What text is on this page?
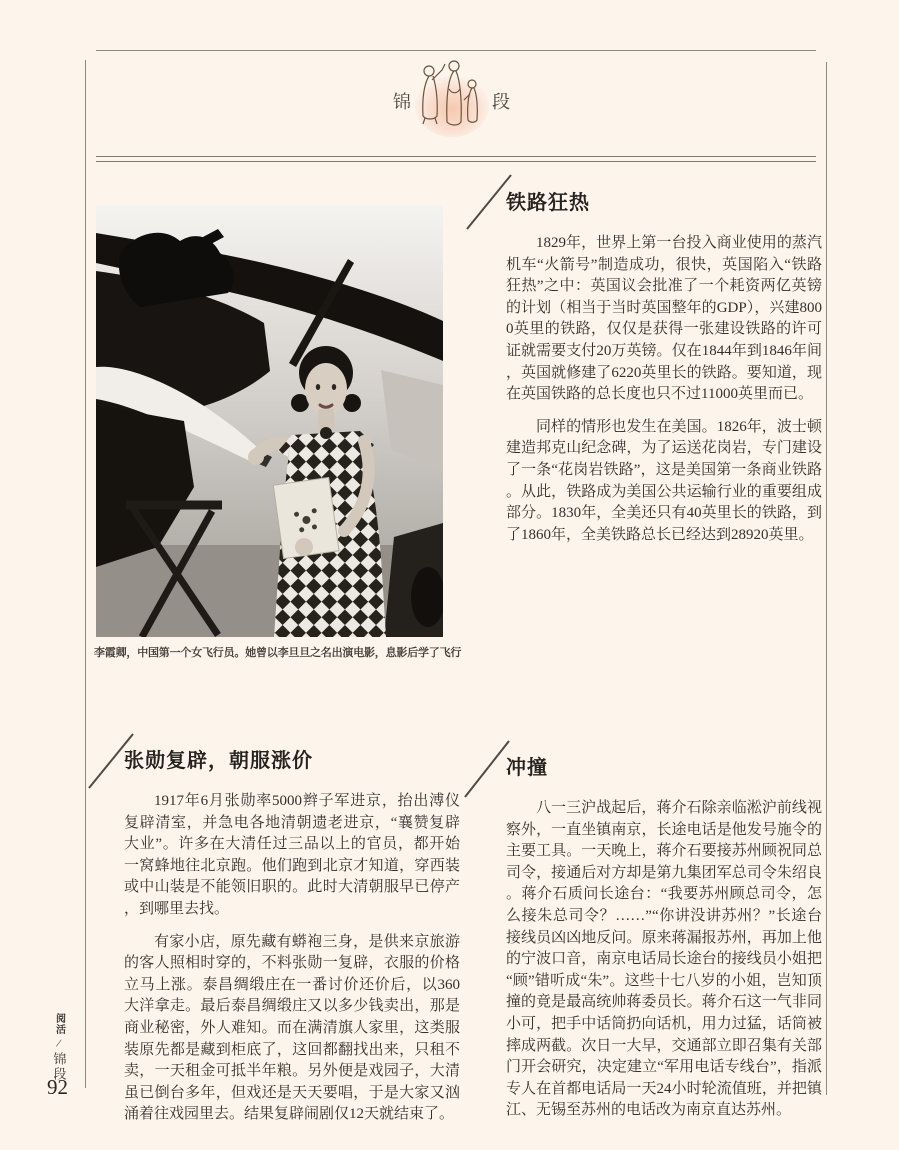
锦	段
李霞卿，中国第一个女飞行员。她曾以李旦旦之名出演电影，息影后学了飞行
铁路狂热

1829年，世界上第一台投入商业使用的蒸汽机车“火箭号”制造成功，很快，英国陷入“铁路狂热”之中：英国议会批准了一个耗资两亿英镑的计划（相当于当时英国整年的GDP），兴建8000英里的铁路，仅仅是获得一张建设铁路的许可证就需要支付20万英镑。仅在1844年到1846年间，英国就修建了6220英里长的铁路。要知道，现在英国铁路的总长度也只不过11000英里而已。

同样的情形也发生在美国。1826年，波士顿建造邦克山纪念碑，为了运送花岗岩，专门建设了一条“花岗岩铁路”，这是美国第一条商业铁路。从此，铁路成为美国公共运输行业的重要组成部分。1830年，全美还只有40英里长的铁路，到了1860年，全美铁路总长已经达到28920英里。

张勋复辟，朝服涨价

1917年6月张勋率5000辫子军进京，抬出溥仪复辟清室，并急电各地清朝遗老进京，“襄赞复辟大业”。许多在大清任过三品以上的官员，都开始一窝蜂地往北京跑。他们跑到北京才知道，穿西装或中山装是不能领旧职的。此时大清朝服早已停产，到哪里去找。

有家小店，原先藏有蟒袍三身，是供来京旅游的客人照相时穿的，不料张勋一复辟，衣服的价格立马上涨。泰昌绸缎庄在一番讨价还价后，以360大洋拿走。最后泰昌绸缎庄又以多少钱卖出，那是商业秘密，外人难知。而在满清旗人家里，这类服装原先都是藏到柜底了，这回都翻找出来，只租不卖，一天租金可抵半年粮。另外便是戏园子，大清虽已倒台多年，但戏还是天天要唱，于是大家又汹涌着往戏园里去。结果复辟闹剧仅12天就结束了。

冲撞

八一三沪战起后，蒋介石除亲临淞沪前线视察外，一直坐镇南京，长途电话是他发号施令的主要工具。一天晚上，蒋介石要接苏州顾祝同总司令，接通后对方却是第九集团军总司令朱绍良。蒋介石质问长途台：“我要苏州顾总司令，怎么接朱总司令？……”“你讲没讲苏州？”长途台接线员凶凶地反问。原来蒋漏报苏州，再加上他的宁波口音，南京电话局长途台的接线员小姐把“顾”错听成“朱”。这些十七八岁的小姐，岂知顶撞的竟是最高统帅蒋委员长。蒋介石这一气非同小可，把手中话筒扔向话机，用力过猛，话筒被摔成两截。次日一大早，交通部立即召集有关部门开会研究，决定建立“军用电话专线台”，指派专人在首都电话局一天24小时轮流值班，并把镇江、无锡至苏州的电话改为南京直达苏州。

阅活
/
锦段
92
